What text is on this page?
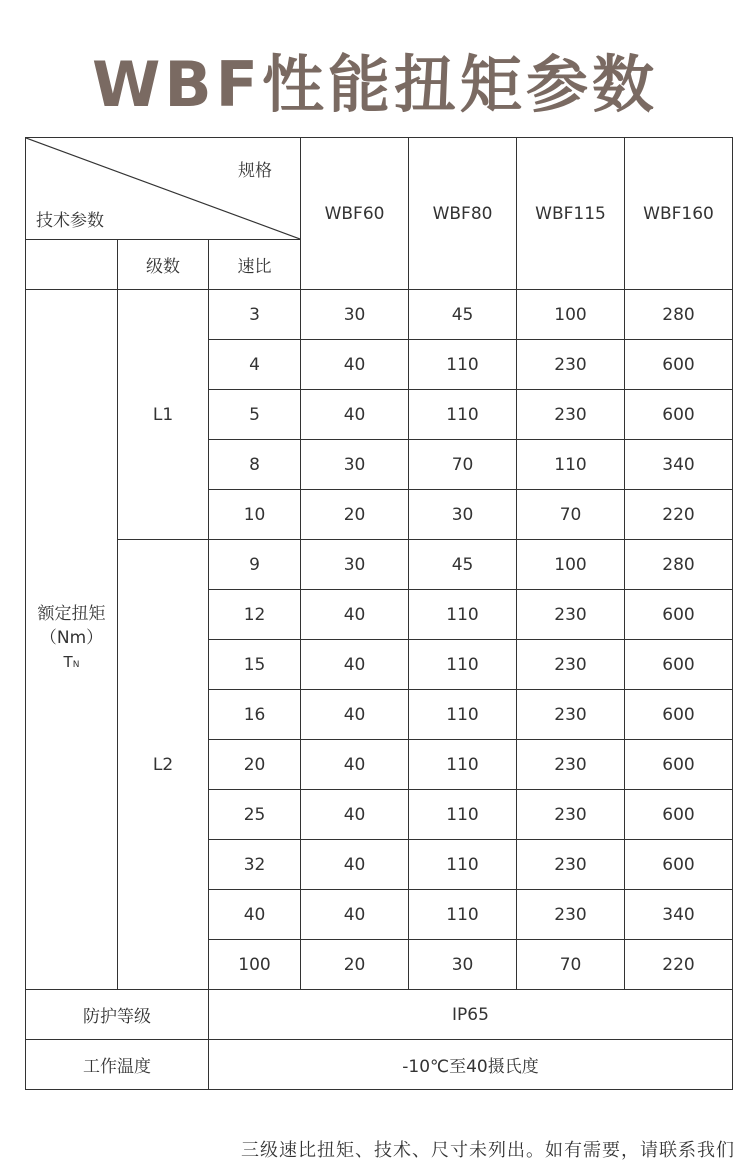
WBF性能扭矩参数
规格
技术参数			WBF60	WBF80	WBF115	WBF160
	级数	速比				

额定扭矩
（Nm）
TN	L1	3	30	45	100	280
		4	40	110	230	600
		5	40	110	230	600
		8	30	70	110	340
		10	20	30	70	220
	L2	9	30	45	100	280
		12	40	110	230	600
		15	40	110	230	600
		16	40	110	230	600
		20	40	110	230	600
		25	40	110	230	600
		32	40	110	230	600
		40	40	110	230	340
		100	20	30	70	220
防护等级		IP65				
工作温度		-10℃至40摄氏度				
三级速比扭矩、技术、尺寸未列出。如有需要，请联系我们
